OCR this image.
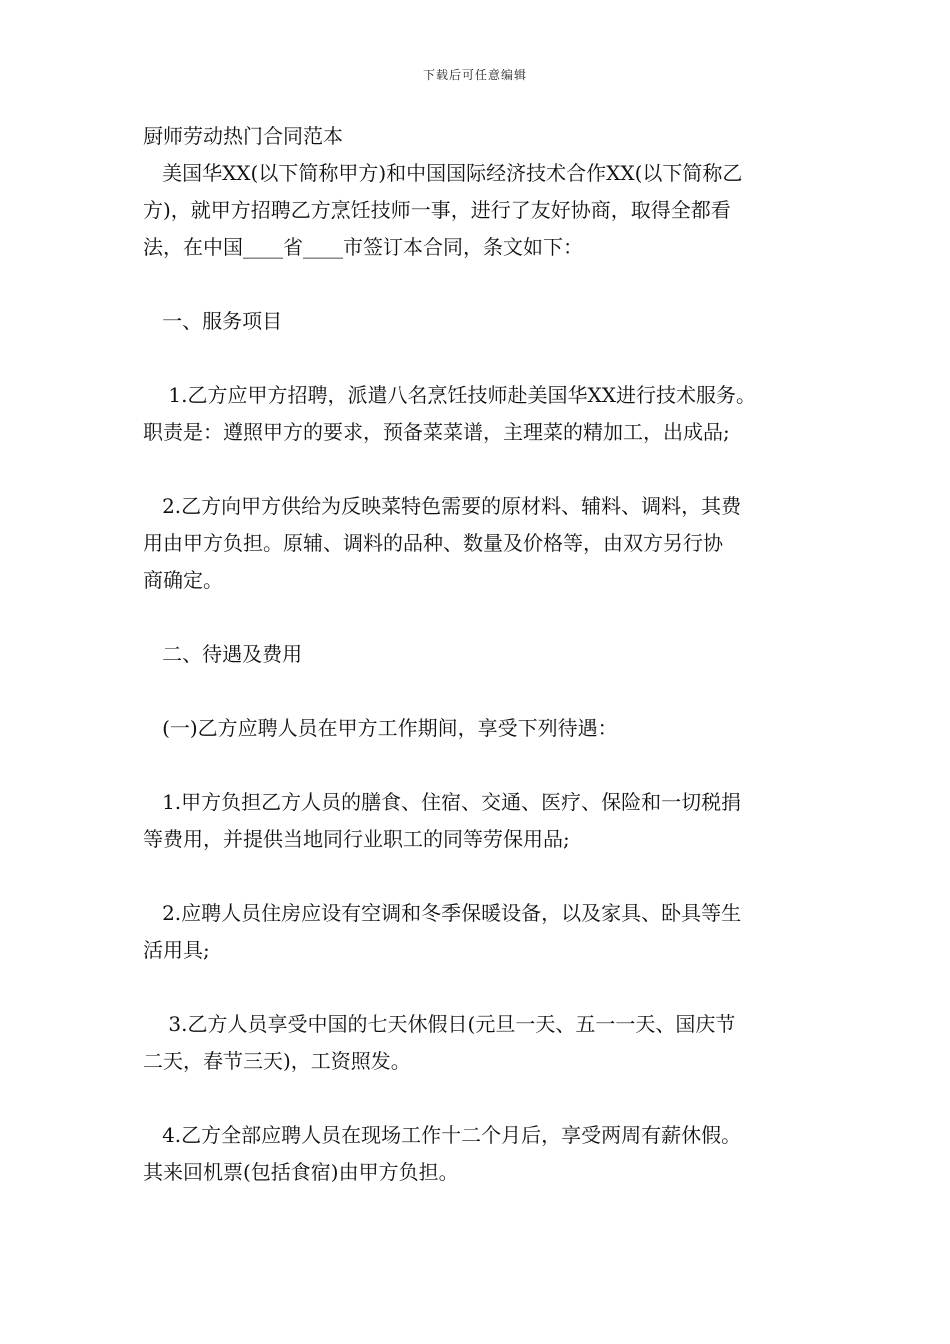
下载后可任意编辑
厨师劳动热门合同范本
美国华XX(以下简称甲方)和中国国际经济技术合作XX(以下简称乙
方)，就甲方招聘乙方烹饪技师一事，进行了友好协商，取得全都看
法，在中国____省____市签订本合同，条文如下：
一、服务项目
1.乙方应甲方招聘，派遣八名烹饪技师赴美国华XX进行技术服务。
职责是：遵照甲方的要求，预备菜菜谱，主理菜的精加工，出成品;
2.乙方向甲方供给为反映菜特色需要的原材料、辅料、调料，其费
用由甲方负担。原辅、调料的品种、数量及价格等，由双方另行协
商确定。
二、待遇及费用
(一)乙方应聘人员在甲方工作期间，享受下列待遇：
1.甲方负担乙方人员的膳食、住宿、交通、医疗、保险和一切税捐
等费用，并提供当地同行业职工的同等劳保用品;
2.应聘人员住房应设有空调和冬季保暖设备，以及家具、卧具等生
活用具;
3.乙方人员享受中国的七天休假日(元旦一天、五一一天、国庆节
二天，春节三天)，工资照发。
4.乙方全部应聘人员在现场工作十二个月后，享受两周有薪休假。
其来回机票(包括食宿)由甲方负担。
